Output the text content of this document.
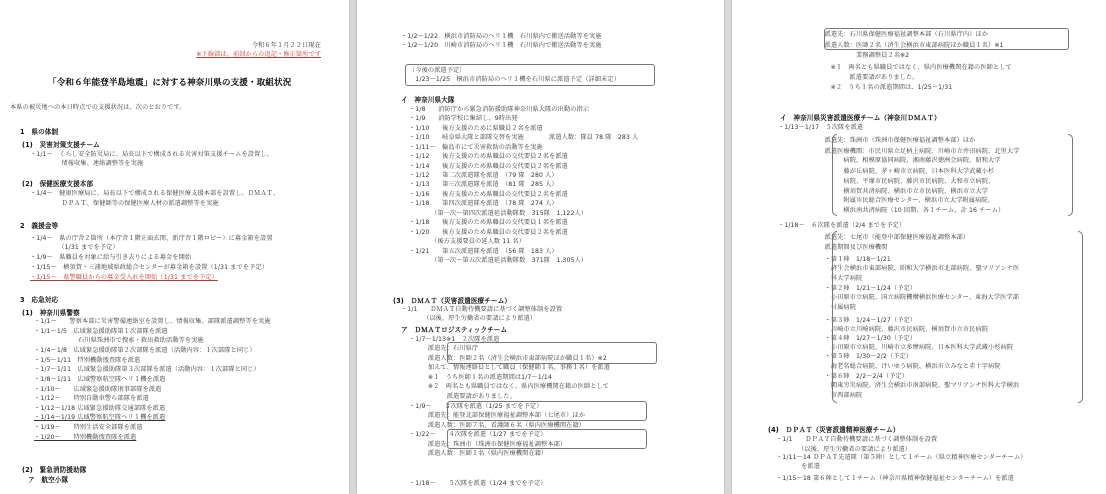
令和６年１月２２日現在
※下線部は、前回からの追記・修正箇所です
「令和６年能登半島地震」に対する神奈川県の支援・取組状況
本県の被災地への本日時点での支援状況は、次のとおりです。
1　県の体制
(1)　災害対策支援チーム
・1/1～　くらし安全防災局に、局長以下で構成される災害対策支援チームを設置し、
　　　　　情報収集、連絡調整等を実施
(2)　保健医療支援本部
・1/4～　健康医療局に、局長以下で構成される保健医療支援本部を設置し、ＤＭＡＴ、
　　　　　ＤＰＡＴ、保健師等の保健医療人材の派遣調整等を実施
2　義援金等
・1/4～　県の庁舎２箇所（本庁舎１階正面玄関、新庁舎１階ロビー）に募金箱を設置
　　　　　（1/31 までを予定）
・1/9～　県職員を対象に給与引き去りによる募金を開始
・1/15～　横須賀・三浦地域県政総合センターが募金箱を設置（1/31 までを予定）
・1/15～　県警職員からの募金受入れを開始（1/31 までを予定）
3　応急対応
(1)　神奈川県警察
・1/1～　　警察本部に災害警備連絡室を設置し、情報収集、部隊派遣調整等を実施
・1/1～1/5　広域緊急援助隊第１次部隊を派遣
　　　　　　　石川県珠洲市で捜索・救出救助活動等を実施
・1/4～1/8　広域緊急援助隊第２次部隊を派遣（活動内容：１次部隊と同じ）
・1/5～1/11　特別機動捜査隊を派遣
・1/7～1/11　広域緊急援助隊第３次部隊を派遣（活動内容：１次部隊と同じ）
・1/8～1/11　広域警察航空隊ヘリ１機を派遣
・1/10～　　広域緊急援助隊刑事部隊を派遣
・1/12～　　特別自動車警ら部隊を派遣
・1/12～1/18 広域緊急援助隊交通部隊を派遣
・1/14～1/19 広域警察航空隊ヘリ１機を派遣
・1/19～　　特別生活安全部隊を派遣
・1/20～　　特別機動捜査隊を派遣
(2)　緊急消防援助隊
ア　航空小隊
・1/2～1/22　横浜市消防局のヘリ１機　石川県内で搬送活動等を実施
・1/2～1/20　川崎市消防局のヘリ１機　石川県内で搬送活動等を実施
〔今後の派遣予定〕
　1/23～1/25　横浜市消防局のヘリ１機を石川県に派遣予定（詳細未定）
イ　神奈川県大隊
・1/8　　消防庁から緊急消防援助隊神奈川県大隊の出動の指示
・1/9　　消防学校に集結し、9時出発
・1/10　　後方支援のために県職員２名を派遣
・1/10　　岐阜県大隊と部隊交替を実施　　　　派遣人数：隊員 78 隊　283 人
・1/11～　輪島市にて災害救助の活動等を実施
・1/12　　後方支援のため県職員の交代要員２名を派遣
・1/14　　後方支援のため県職員の交代要員２名を派遣
・1/12　　第二次派遣隊を派遣　（79 隊　280 人）
・1/13　　第三次派遣隊を派遣　（81 隊　285 人）
・1/16　　後方支援のため県職員の交代要員２名を派遣
・1/18　　第四次派遣隊を派遣　（78 隊　274 人）
　　　　（第一次～第四次派遣延活動隊数　315隊　1,122人）
・1/18　　後方支援のため県職員の交代要員１名を派遣
・1/20　　後方支援のため県職員の交代要員２名を派遣
　　　　（後方支援要員の延人数 11 名）
・1/21　　第五次派遣隊を派遣　（56 隊　183 人）
　　　　（第一次～第五次派遣延活動隊数　371隊　1,305人）
(3)　ＤＭＡＴ（災害派遣医療チーム）
・1/1　　ＤＭＡＴ自動待機要請に基づく調整体制を設置
　　　　（以後、厚生労働省の要請により派遣）
ア　ＤＭＡＴロジスティックチーム
・1/7～1/13※1　２次隊を派遣
　　　派遣先：石川県庁
　　　派遣人数：医師２名（済生会横浜市東部病院ほか職員１名）※2
　　　加えて、情報連絡員として職員（保健師１名、事務１名）を派遣
　　　※１　うち医師１名の派遣期間は1/7～1/14
　　　※２　両名とも県職員ではなく、県内医療機関在籍の医師として
　　　　　　派遣要請がありました。
・1/9～　　３次隊を派遣（1/25 までを予定）
　　　派遣先：能登北部保健医療福祉調整本部（七尾市）ほか
　　　派遣人数：医師７名、看護師６名（県内医療機関在籍）
・1/22～　　４次隊を派遣（1/27 までを予定）
　　　派遣先：珠洲市（珠洲市保健医療福祉調整本部）
　　　派遣人数：医師１名（県内医療機関在籍）
・1/18～　　５次隊を派遣（1/24 までを予定）
　　派遣先：石川県保健医療福祉調整本部（石川県庁内）ほか
　　派遣人数：医師２名（済生会横浜市東部病院ほか職員１名）※1
　　　　　　　業務調整員２名※2
　　※１　両名とも県職員ではなく、県内医療機関在籍の医師として
　　　　　派遣要請がありました。
　　※２　うち１名の派遣期間は、1/25～1/31
イ　神奈川県災害派遣医療チーム（神奈川ＤＭＡＴ）
・1/13～1/17　５次隊を派遣
　　派遣先：珠洲市（珠洲市保健医療福祉調整本部）ほか
　　派遣医療機関：市民川県立足柄上病院、川崎市立井田病院、北里大学
　　　　　病院、相模原協同病院、湘南藤沢徳洲会病院、昭和大学
　　　　　藤が丘病院、茅ヶ崎市立病院、日本医科大学武蔵小杉
　　　　　病院、平塚市民病院、藤沢市民病院、大和市立病院、
　　　　　横須賀共済病院、横浜市立市民病院、横浜市立大学
　　　　　附属市民総合医療センター、横浜市立大学附属病院、
　　　　　横浜南共済病院（10 回期、各１チーム、計 16 チーム）
・1/18～　６次隊を派遣（2/4 までを予定）
　　派遣先：七尾市（能登中部保健医療福祉調整本部）
　　派遣期間及び医療機関
　　・第１陣　1/18～1/21
　　　済生会横浜市東部病院、昭和大学横浜市北部病院、聖マリアンナ医
　　　科大学病院
　　・第２陣　1/21～1/24（予定）
　　　小田原市立病院、国立病院機構横浜医療センター、東海大学医学部
　　　付属病院
　　・第３陣　1/24～1/27（予定）
　　　川崎市立川崎病院、藤沢市民病院、横須賀市立市民病院
　　・第４陣　1/27～1/30（予定）
　　　小田原市立病院、川崎市立多摩病院、日本医科大学武蔵小杉病院
　　・第５陣　1/30～2/2（予定）
　　　海老名総合病院、けいゆう病院、横浜市立みなと赤十字病院
　　・第６陣　2/2～2/4（予定）
　　　関東労災病院、済生会横浜市南部病院、聖マリアンナ医科大学横浜
　　　市西部病院
(4)　ＤＰＡＴ（災害派遣精神医療チーム）
・1/1　　ＤＰＡＴ自動待機要請に基づく調整体制を設置
　　　　（以後、厚生労働省の要請により派遣）
・1/11～14 ＤＰＡＴ先遣隊（第５陣）として１チーム（県立精神医療センターチーム）
　　　　を派遣
・1/15～18 第６陣として１チーム（神奈川県精神保健福祉センターチーム）を派遣
